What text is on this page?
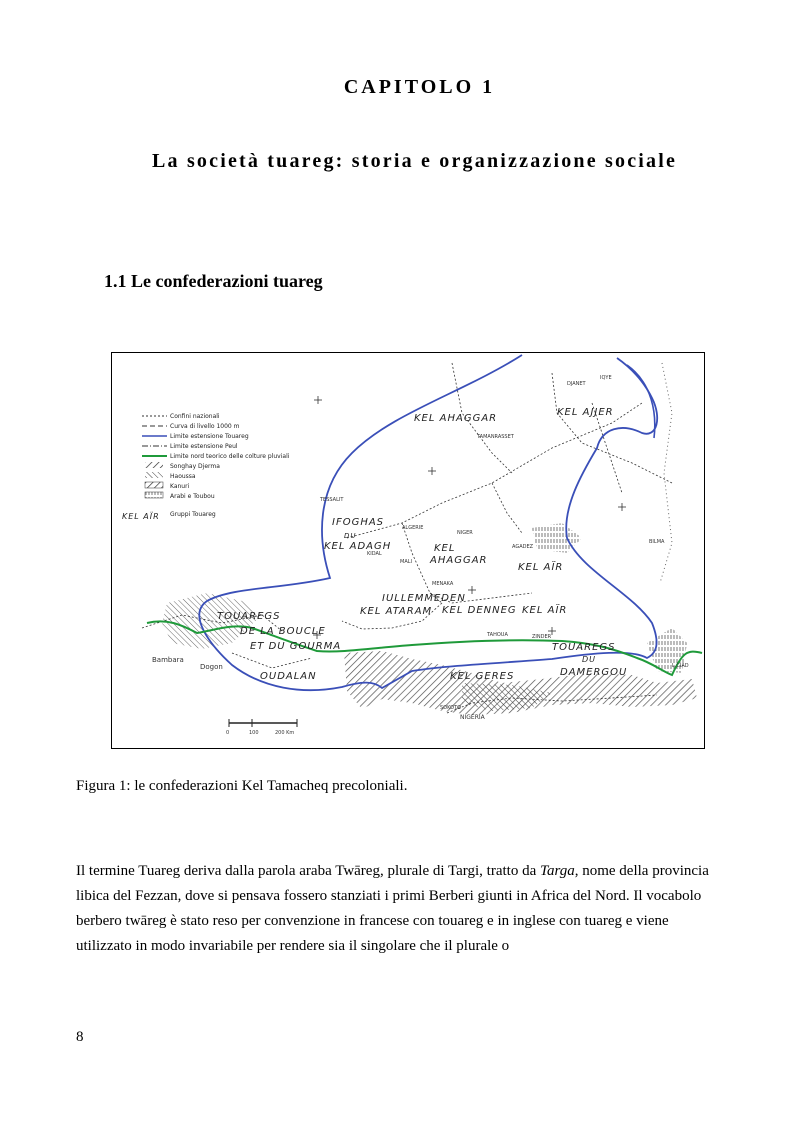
CAPITOLO 1
La società tuareg: storia e organizzazione sociale
1.1 Le confederazioni tuareg
Confini nazionali
Curva di livello 1000 m
Limite estensione Touareg
Limite estensione Peul
Limite nord teorico delle colture pluviali
Songhay Djerma
Haoussa
Kanuri
Arabi e Toubou
KEL AÏR Gruppi Touareg
KEL AHAGGAR
KEL AJJER
IFOGHAS
DU
KEL ADAGH	KEL
AHAGGAR
KEL AÏR
IULLEMMEDEN
KEL ATARAM KEL DENNEG KEL AÏR
TOUAREGS
DE LA BOUCLE
ET DU GOURMA
OUDALAN	KEL GERES
TOUAREGS
DU
DAMERGOU
Bambara
Dogon
ALGERIE
NIGER
MALI
NIGERIA
DJANET
IQYE
TAMANRASSET
TESSALIT
KIDAL
MENAKA
AGADEZ
TAHOUA	ZINDER
BILMA
SOKOTO
L.CIAD
0	100	200 Km
Figura 1: le confederazioni Kel Tamacheq precoloniali.

Il termine Tuareg deriva dalla parola araba Twāreg, plurale di Targi, tratto da Targa, nome della provincia libica del Fezzan, dove si pensava fossero stanziati i primi Berberi giunti in Africa del Nord. Il vocabolo berbero twāreg è stato reso per convenzione in francese con touareg e in inglese con tuareg e viene utilizzato in modo invariabile per rendere sia il singolare che il plurale o

8
